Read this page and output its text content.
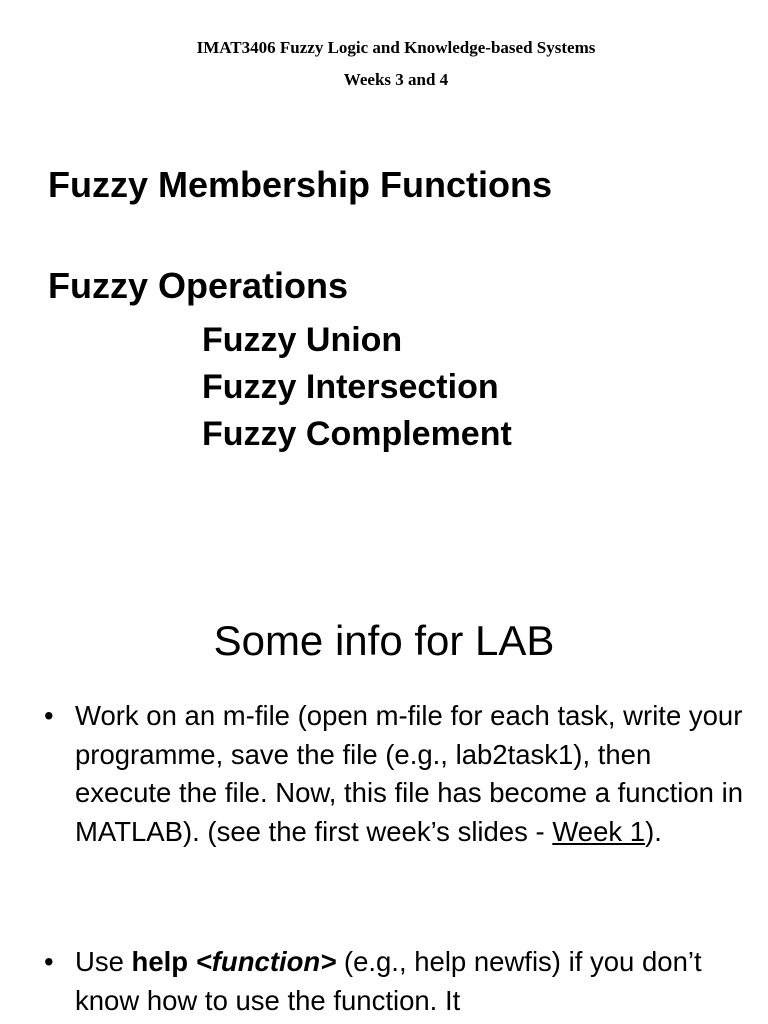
IMAT3406 Fuzzy Logic and Knowledge-based Systems
Weeks 3 and 4
Fuzzy Membership Functions
Fuzzy Operations
Fuzzy Union
Fuzzy Intersection
Fuzzy Complement
Some info for LAB
• Work on an m-file (open m-file for each task, write your programme, save the file (e.g., lab2task1), then execute the file. Now, this file has become a function in MATLAB). (see the first week’s slides - Week 1).
• Use help <function> (e.g., help newfis) if you don’t know how to use the function. It
